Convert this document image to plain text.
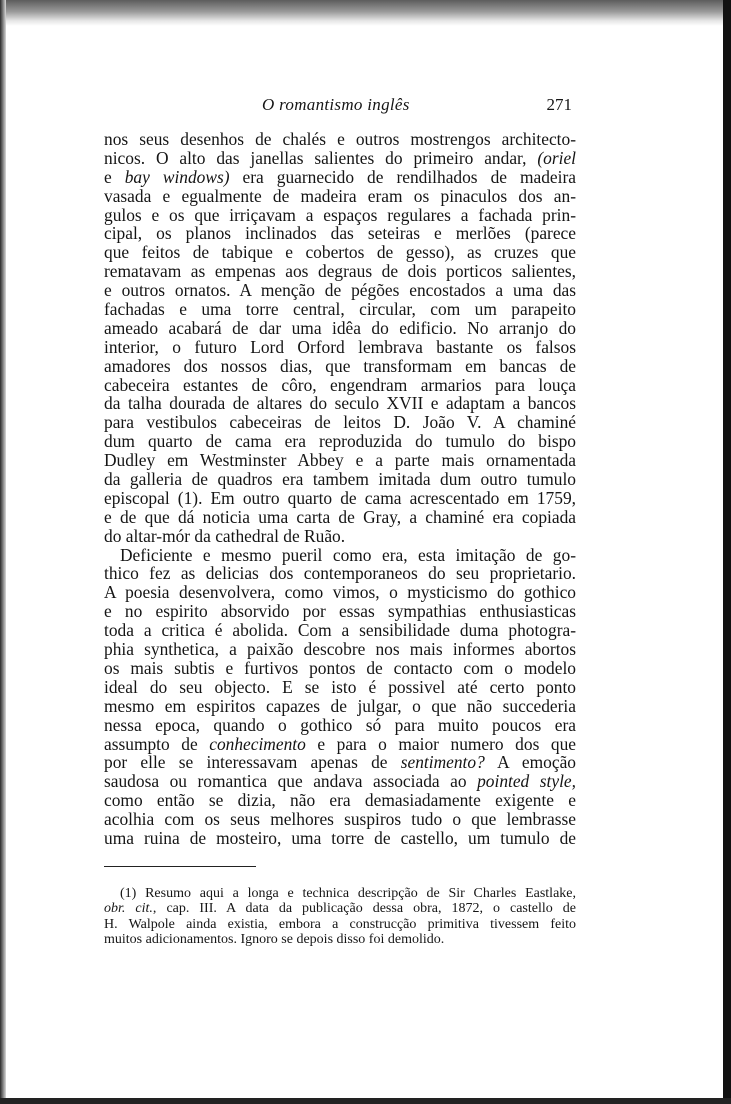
O romantismo inglês	271
nos seus desenhos de chalés e outros mostrengos architecto-
nicos. O alto das janellas salientes do primeiro andar, (oriel
e bay windows) era guarnecido de rendilhados de madeira
vasada e egualmente de madeira eram os pinaculos dos an-
gulos e os que irriçavam a espaços regulares a fachada prin-
cipal, os planos inclinados das seteiras e merlões (parece
que feitos de tabique e cobertos de gesso), as cruzes que
rematavam as empenas aos degraus de dois porticos salientes,
e outros ornatos. A menção de pégões encostados a uma das
fachadas e uma torre central, circular, com um parapeito
ameado acabará de dar uma idêa do edificio. No arranjo do
interior, o futuro Lord Orford lembrava bastante os falsos
amadores dos nossos dias, que transformam em bancas de
cabeceira estantes de côro, engendram armarios para louça
da talha dourada de altares do seculo XVII e adaptam a bancos
para vestibulos cabeceiras de leitos D. João V. A chaminé
dum quarto de cama era reproduzida do tumulo do bispo
Dudley em Westminster Abbey e a parte mais ornamentada
da galleria de quadros era tambem imitada dum outro tumulo
episcopal (1). Em outro quarto de cama acrescentado em 1759,
e de que dá noticia uma carta de Gray, a chaminé era copiada
do altar-mór da cathedral de Ruão.
Deficiente e mesmo pueril como era, esta imitação de go-
thico fez as delicias dos contemporaneos do seu proprietario.
A poesia desenvolvera, como vimos, o mysticismo do gothico
e no espirito absorvido por essas sympathias enthusiasticas
toda a critica é abolida. Com a sensibilidade duma photogra-
phia synthetica, a paixão descobre nos mais informes abortos
os mais subtis e furtivos pontos de contacto com o modelo
ideal do seu objecto. E se isto é possivel até certo ponto
mesmo em espiritos capazes de julgar, o que não succederia
nessa epoca, quando o gothico só para muito poucos era
assumpto de conhecimento e para o maior numero dos que
por elle se interessavam apenas de sentimento? A emoção
saudosa ou romantica que andava associada ao pointed style,
como então se dizia, não era demasiadamente exigente e
acolhia com os seus melhores suspiros tudo o que lembrasse
uma ruina de mosteiro, uma torre de castello, um tumulo de
(1) Resumo aqui a longa e technica descripção de Sir Charles Eastlake,
obr. cit., cap. III. A data da publicação dessa obra, 1872, o castello de
H. Walpole ainda existia, embora a construcção primitiva tivessem feito
muitos adicionamentos. Ignoro se depois disso foi demolido.
